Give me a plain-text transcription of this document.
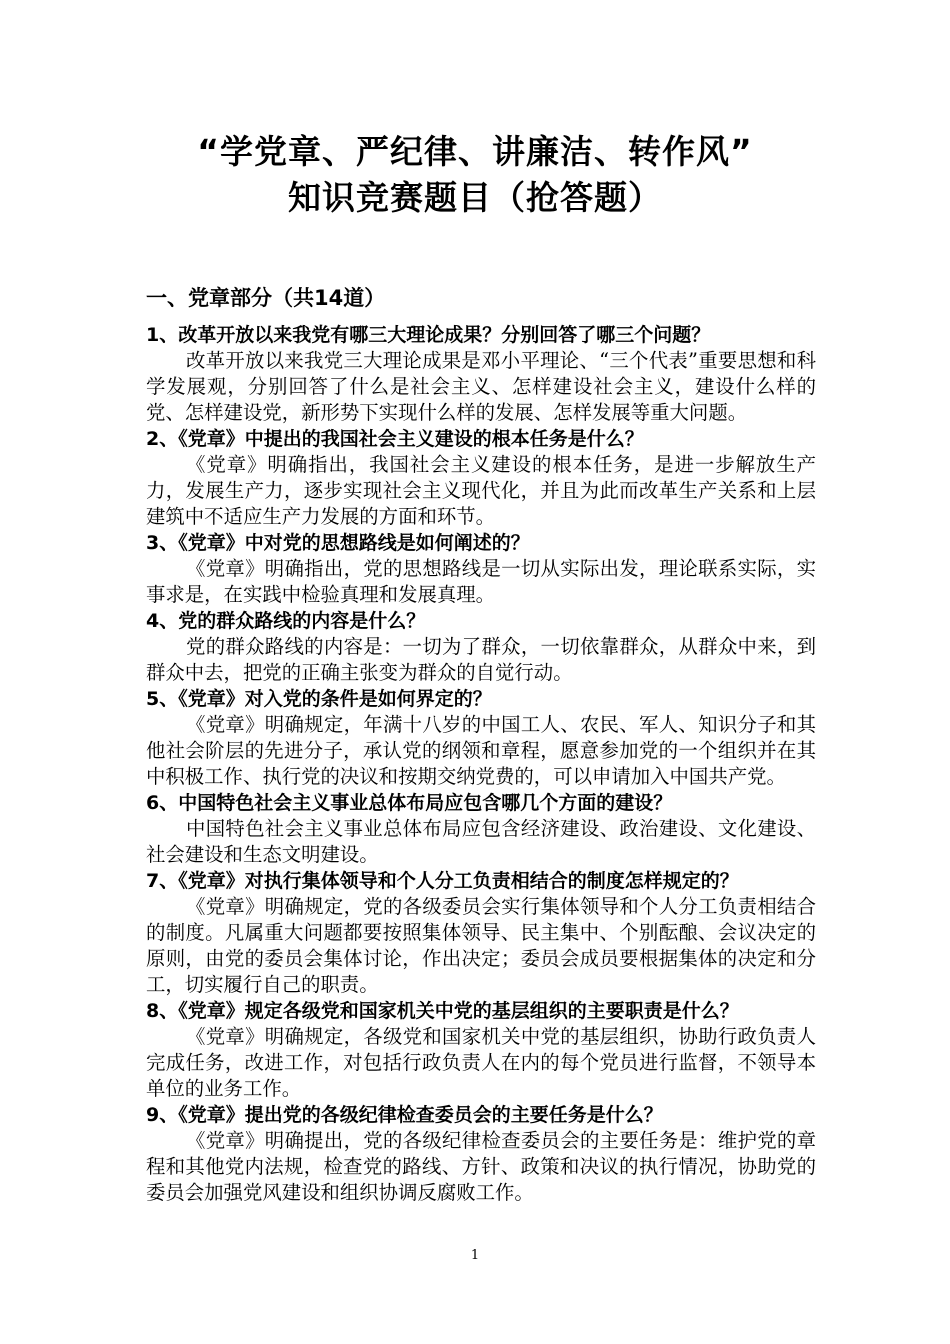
“学党章、严纪律、讲廉洁、转作风”
知识竞赛题目（抢答题）
一、党章部分（共14道）
1、改革开放以来我党有哪三大理论成果？分别回答了哪三个问题？

改革开放以来我党三大理论成果是邓小平理论、“三个代表”重要思想和科学发展观，分别回答了什么是社会主义、怎样建设社会主义，建设什么样的党、怎样建设党，新形势下实现什么样的发展、怎样发展等重大问题。

2、《党章》中提出的我国社会主义建设的根本任务是什么？

《党章》明确指出，我国社会主义建设的根本任务，是进一步解放生产力，发展生产力，逐步实现社会主义现代化，并且为此而改革生产关系和上层建筑中不适应生产力发展的方面和环节。

3、《党章》中对党的思想路线是如何阐述的？

《党章》明确指出，党的思想路线是一切从实际出发，理论联系实际，实事求是，在实践中检验真理和发展真理。

4、党的群众路线的内容是什么？

党的群众路线的内容是：一切为了群众，一切依靠群众，从群众中来，到群众中去，把党的正确主张变为群众的自觉行动。

5、《党章》对入党的条件是如何界定的？

《党章》明确规定，年满十八岁的中国工人、农民、军人、知识分子和其他社会阶层的先进分子，承认党的纲领和章程，愿意参加党的一个组织并在其中积极工作、执行党的决议和按期交纳党费的，可以申请加入中国共产党。

6、中国特色社会主义事业总体布局应包含哪几个方面的建设？

中国特色社会主义事业总体布局应包含经济建设、政治建设、文化建设、社会建设和生态文明建设。

7、《党章》对执行集体领导和个人分工负责相结合的制度怎样规定的？

《党章》明确规定，党的各级委员会实行集体领导和个人分工负责相结合的制度。凡属重大问题都要按照集体领导、民主集中、个别酝酿、会议决定的原则，由党的委员会集体讨论，作出决定；委员会成员要根据集体的决定和分工，切实履行自己的职责。

8、《党章》规定各级党和国家机关中党的基层组织的主要职责是什么？

《党章》明确规定，各级党和国家机关中党的基层组织，协助行政负责人完成任务，改进工作，对包括行政负责人在内的每个党员进行监督，不领导本单位的业务工作。

9、《党章》提出党的各级纪律检查委员会的主要任务是什么？

《党章》明确提出，党的各级纪律检查委员会的主要任务是：维护党的章程和其他党内法规，检查党的路线、方针、政策和决议的执行情况，协助党的委员会加强党风建设和组织协调反腐败工作。

1
